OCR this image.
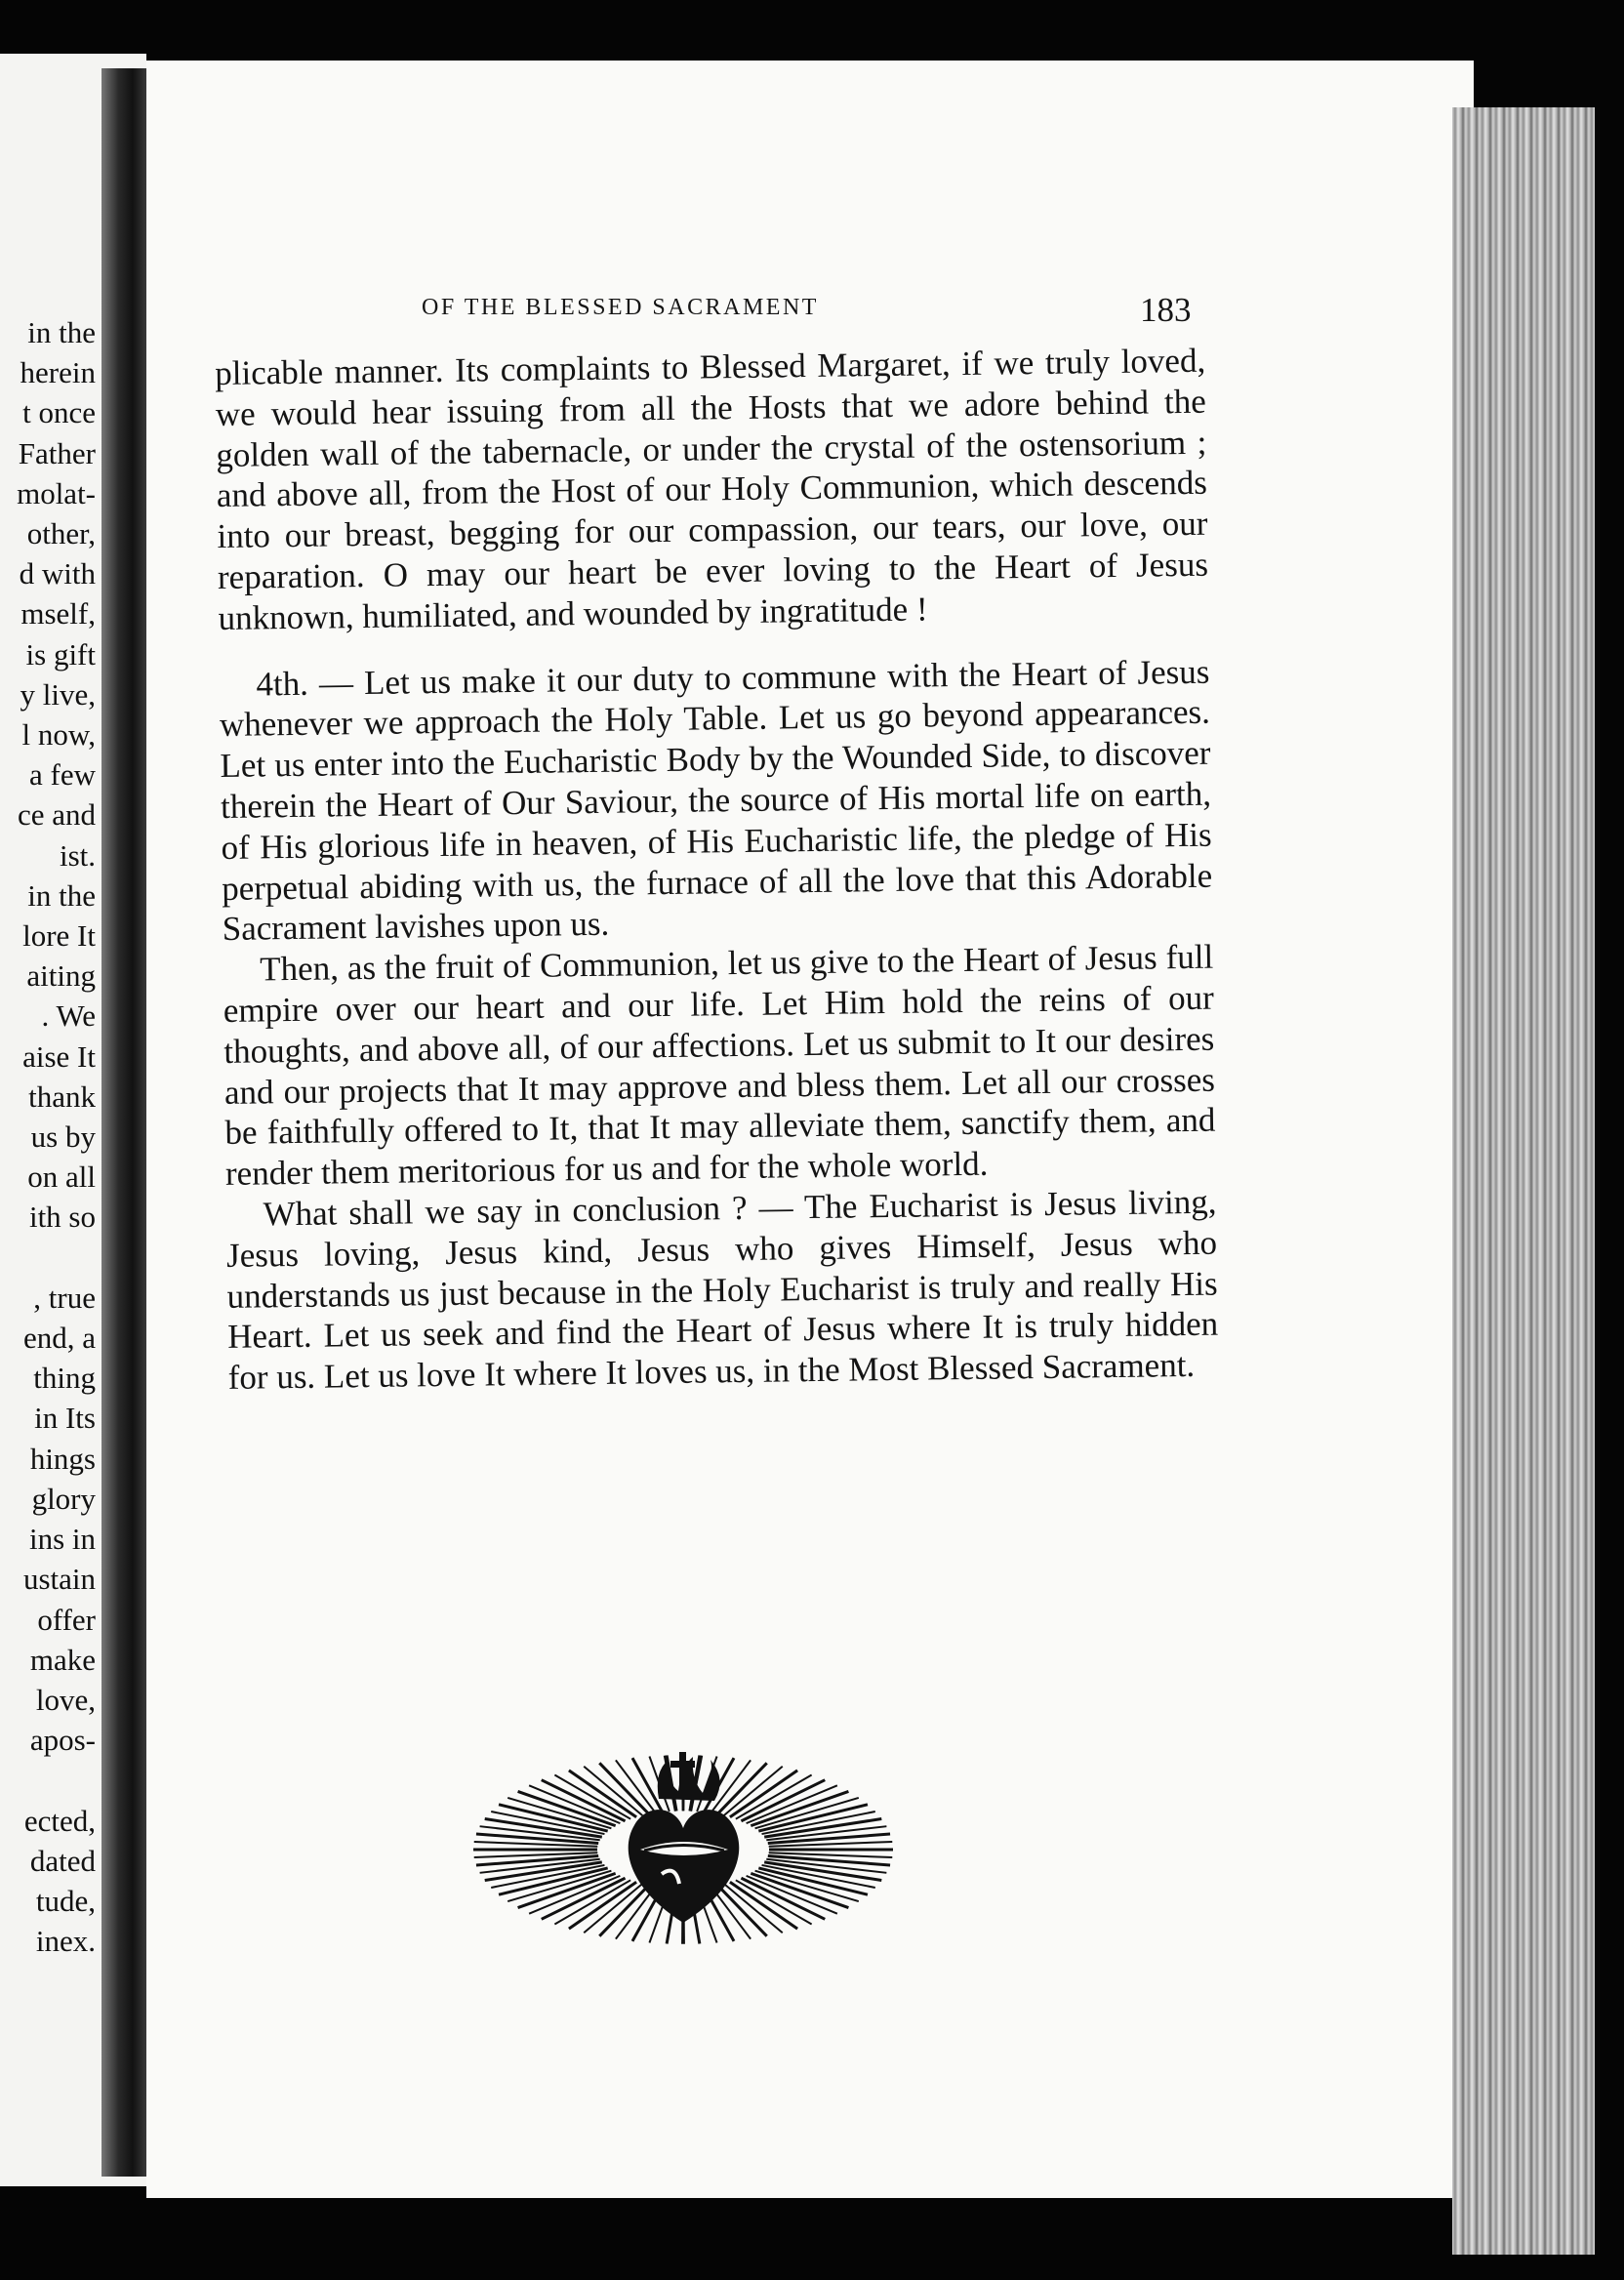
in the
herein
t once
Father
molat-
other,
d with
mself,
is gift
y live,
l now,
a few
ce and
ist.
in the
lore It
aiting
. We
aise It
thank
us by
on all
ith so

, true
end, a
thing
in Its
hings
glory
ins in
ustain
offer
make
love,
apos-

ected,
dated
tude,
inex.
OF THE BLESSED SACRAMENT	183

plicable manner. Its complaints to Blessed Margaret, if we truly loved, we would hear issuing from all the Hosts that we adore behind the golden wall of the tabernacle, or under the crystal of the ostensorium ; and above all, from the Host of our Holy Communion, which descends into our breast, begging for our compassion, our tears, our love, our reparation. O may our heart be ever loving to the Heart of Jesus unknown, humiliated, and wounded by ingratitude !

4th. — Let us make it our duty to commune with the Heart of Jesus whenever we approach the Holy Table. Let us go beyond appearances. Let us enter into the Eucharistic Body by the Wounded Side, to discover therein the Heart of Our Saviour, the source of His mortal life on earth, of His glorious life in heaven, of His Eucharistic life, the pledge of His perpetual abiding with us, the furnace of all the love that this Adorable Sacrament lavishes upon us.

Then, as the fruit of Communion, let us give to the Heart of Jesus full empire over our heart and our life. Let Him hold the reins of our thoughts, and above all, of our affections. Let us submit to It our desires and our projects that It may approve and bless them. Let all our crosses be faithfully offered to It, that It may alleviate them, sanctify them, and render them meritorious for us and for the whole world.

What shall we say in conclusion ? — The Eucharist is Jesus living, Jesus loving, Jesus kind, Jesus who gives Himself, Jesus who understands us just because in the Holy Eucharist is truly and really His Heart. Let us seek and find the Heart of Jesus where It is truly hidden for us. Let us love It where It loves us, in the Most Blessed Sacrament.
